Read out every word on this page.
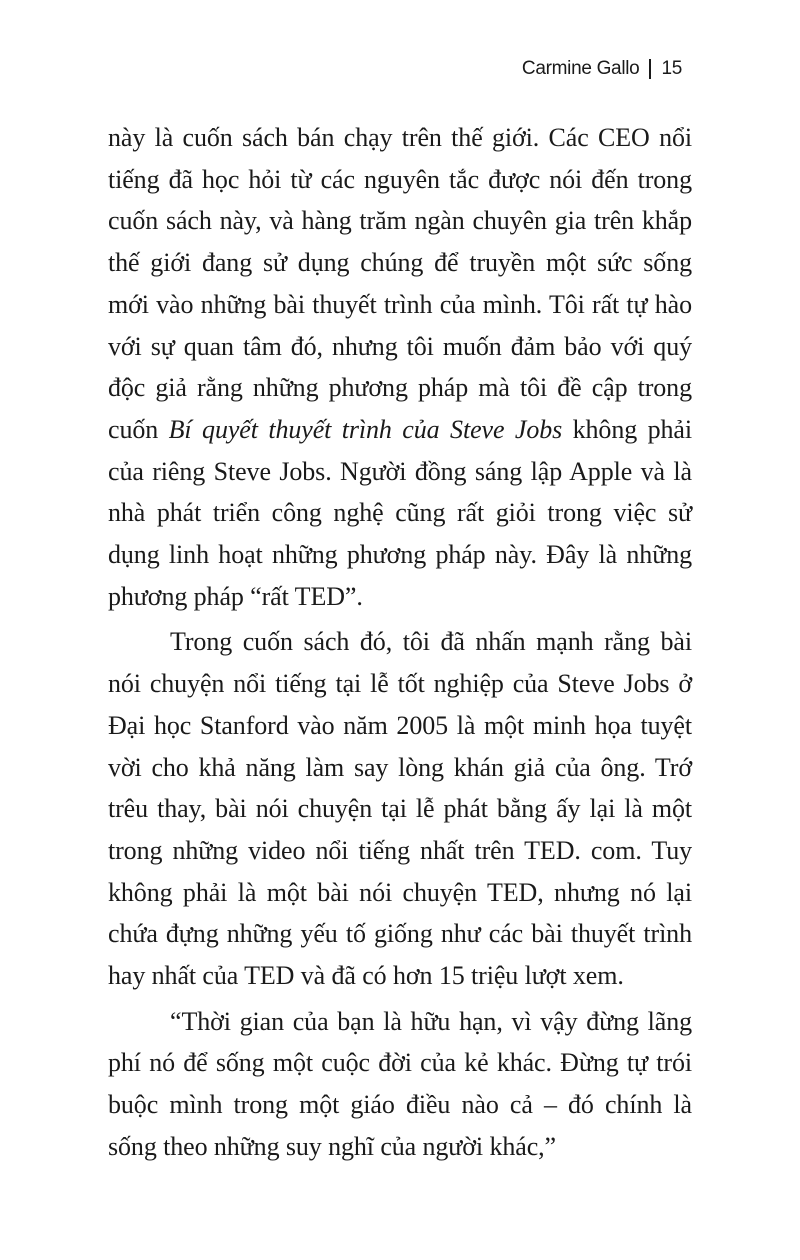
Carmine Gallo 15

này là cuốn sách bán chạy trên thế giới. Các CEO nổi tiếng đã học hỏi từ các nguyên tắc được nói đến trong cuốn sách này, và hàng trăm ngàn chuyên gia trên khắp thế giới đang sử dụng chúng để truyền một sức sống mới vào những bài thuyết trình của mình. Tôi rất tự hào với sự quan tâm đó, nhưng tôi muốn đảm bảo với quý độc giả rằng những phương pháp mà tôi đề cập trong cuốn Bí quyết thuyết trình của Steve Jobs không phải của riêng Steve Jobs. Người đồng sáng lập Apple và là nhà phát triển công nghệ cũng rất giỏi trong việc sử dụng linh hoạt những phương pháp này. Đây là những phương pháp “rất TED”.

Trong cuốn sách đó, tôi đã nhấn mạnh rằng bài nói chuyện nổi tiếng tại lễ tốt nghiệp của Steve Jobs ở Đại học Stanford vào năm 2005 là một minh họa tuyệt vời cho khả năng làm say lòng khán giả của ông. Trớ trêu thay, bài nói chuyện tại lễ phát bằng ấy lại là một trong những video nổi tiếng nhất trên TED. com. Tuy không phải là một bài nói chuyện TED, nhưng nó lại chứa đựng những yếu tố giống như các bài thuyết trình hay nhất của TED và đã có hơn 15 triệu lượt xem.

“Thời gian của bạn là hữu hạn, vì vậy đừng lãng phí nó để sống một cuộc đời của kẻ khác. Đừng tự trói buộc mình trong một giáo điều nào cả – đó chính là sống theo những suy nghĩ của người khác,”
